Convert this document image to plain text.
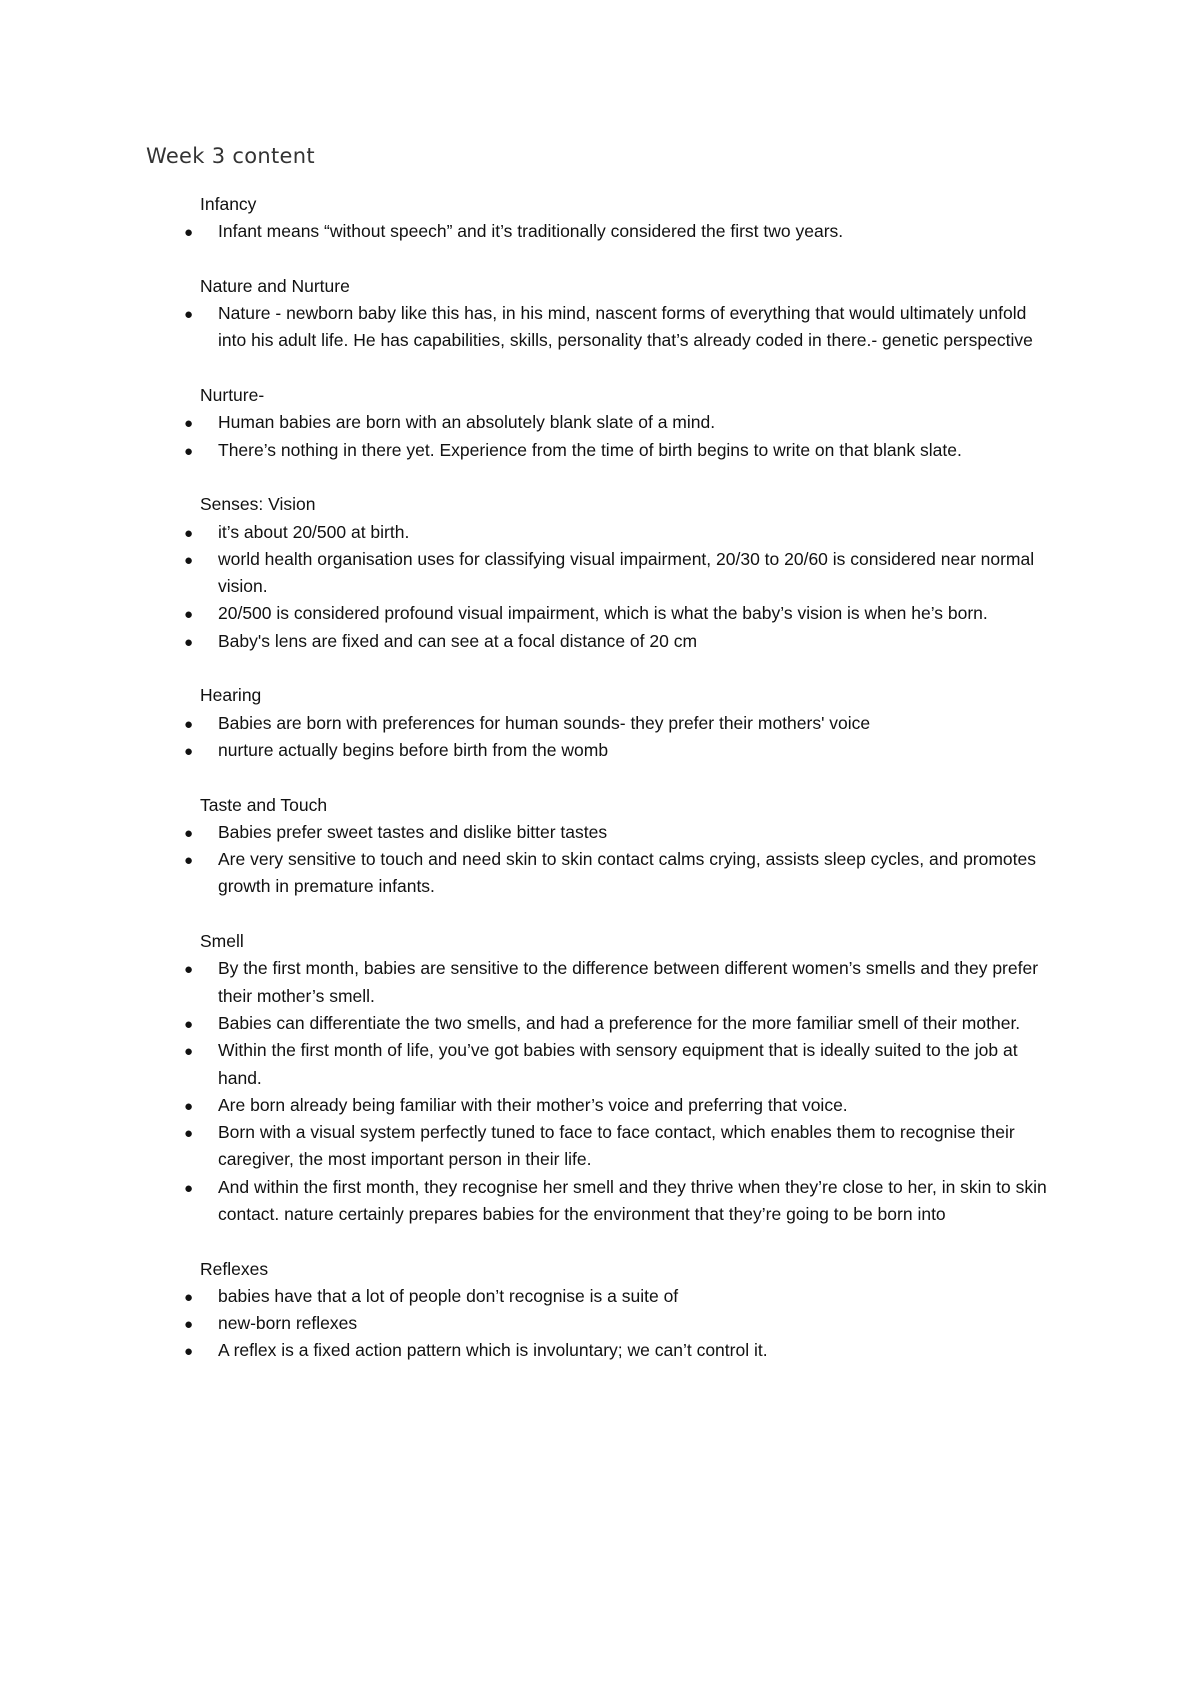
Week 3 content
Infancy
● Infant means “without speech” and it’s traditionally considered the first two years.
Nature and Nurture
● Nature - newborn baby like this has, in his mind, nascent forms of everything that would ultimately unfold into his adult life. He has capabilities, skills, personality that’s already coded in there.- genetic perspective
Nurture-
● Human babies are born with an absolutely blank slate of a mind.
● There’s nothing in there yet. Experience from the time of birth begins to write on that blank slate.
Senses: Vision
● it’s about 20/500 at birth.
● world health organisation uses for classifying visual impairment, 20/30 to 20/60 is considered near normal vision.
● 20/500 is considered profound visual impairment, which is what the baby’s vision is when he’s born.
● Baby's lens are fixed and can see at a focal distance of 20 cm
Hearing
● Babies are born with preferences for human sounds- they prefer their mothers' voice
● nurture actually begins before birth from the womb
Taste and Touch
● Babies prefer sweet tastes and dislike bitter tastes
● Are very sensitive to touch and need skin to skin contact calms crying, assists sleep cycles, and promotes growth in premature infants.
Smell
● By the first month, babies are sensitive to the difference between different women’s smells and they prefer their mother’s smell.
● Babies can differentiate the two smells, and had a preference for the more familiar smell of their mother.
● Within the first month of life, you’ve got babies with sensory equipment that is ideally suited to the job at hand.
● Are born already being familiar with their mother’s voice and preferring that voice.
● Born with a visual system perfectly tuned to face to face contact, which enables them to recognise their caregiver, the most important person in their life.
● And within the first month, they recognise her smell and they thrive when they’re close to her, in skin to skin contact. nature certainly prepares babies for the environment that they’re going to be born into
Reflexes
● babies have that a lot of people don’t recognise is a suite of
● new-born reflexes
● A reflex is a fixed action pattern which is involuntary; we can’t control it.
